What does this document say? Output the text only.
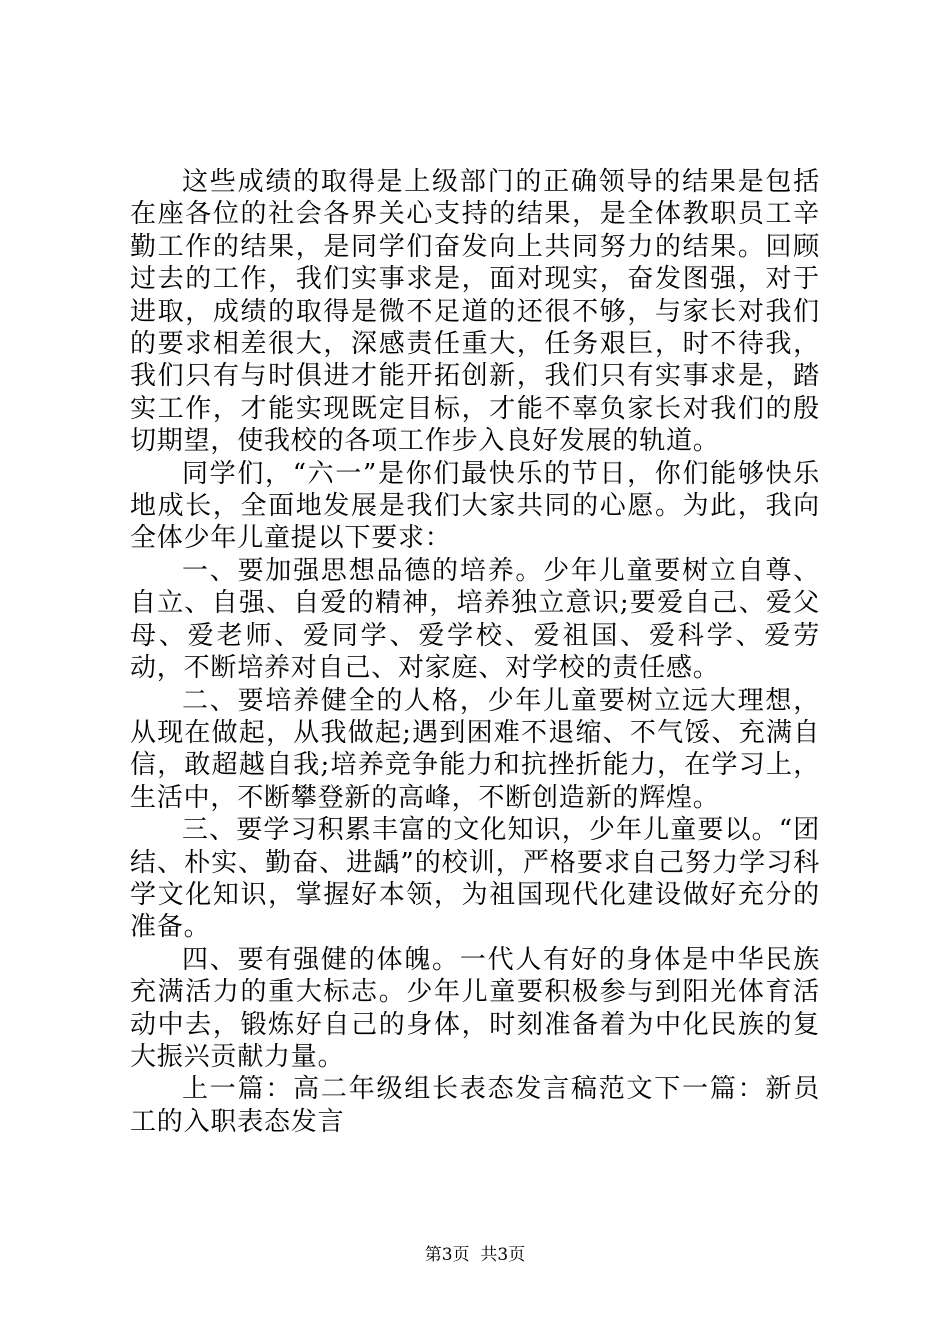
这些成绩的取得是上级部门的正确领导的结果是包括在座各位的社会各界关心支持的结果，是全体教职员工辛勤工作的结果，是同学们奋发向上共同努力的结果。回顾过去的工作，我们实事求是，面对现实，奋发图强，对于进取，成绩的取得是微不足道的还很不够，与家长对我们的要求相差很大，深感责任重大，任务艰巨，时不待我，我们只有与时俱进才能开拓创新，我们只有实事求是，踏实工作，才能实现既定目标，才能不辜负家长对我们的殷切期望，使我校的各项工作步入良好发展的轨道。

同学们，“六一”是你们最快乐的节日，你们能够快乐地成长，全面地发展是我们大家共同的心愿。为此，我向全体少年儿童提以下要求：

一、要加强思想品德的培养。少年儿童要树立自尊、自立、自强、自爱的精神，培养独立意识;要爱自己、爱父母、爱老师、爱同学、爱学校、爱祖国、爱科学、爱劳动，不断培养对自己、对家庭、对学校的责任感。

二、要培养健全的人格，少年儿童要树立远大理想，从现在做起，从我做起;遇到困难不退缩、不气馁、充满自信，敢超越自我;培养竞争能力和抗挫折能力，在学习上，生活中，不断攀登新的高峰，不断创造新的辉煌。

三、要学习积累丰富的文化知识，少年儿童要以。“团结、朴实、勤奋、进龋”的校训，严格要求自己努力学习科学文化知识，掌握好本领，为祖国现代化建设做好充分的准备。

四、要有强健的体魄。一代人有好的身体是中华民族充满活力的重大标志。少年儿童要积极参与到阳光体育活动中去，锻炼好自己的身体，时刻准备着为中化民族的复大振兴贡献力量。

上一篇：高二年级组长表态发言稿范文下一篇：新员工的入职表态发言

第3页  共3页
